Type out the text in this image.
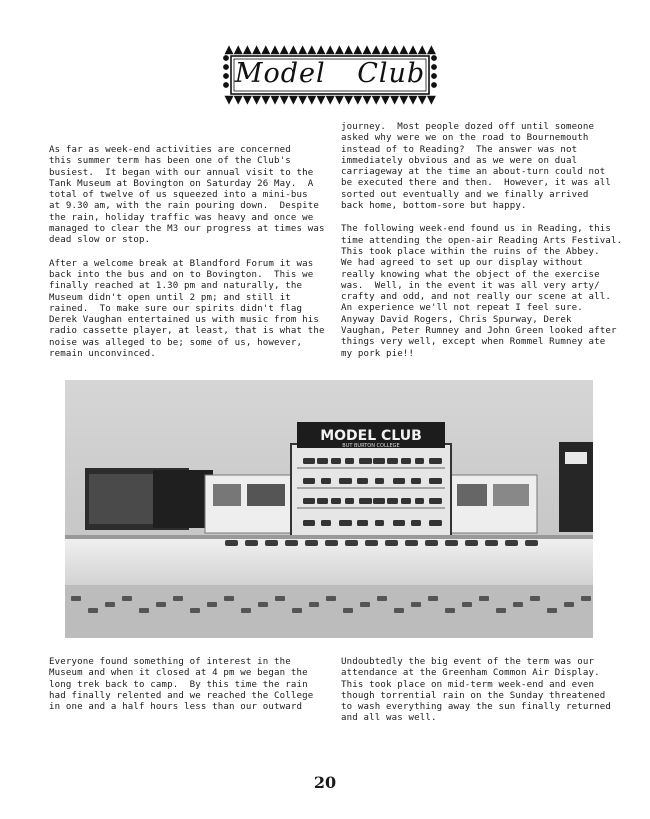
Model Club

As far as week-end activities are concerned
this summer term has been one of the Club's
busiest.  It began with our annual visit to the
Tank Museum at Bovington on Saturday 26 May.  A
total of twelve of us squeezed into a mini-bus
at 9.30 am, with the rain pouring down.  Despite
the rain, holiday traffic was heavy and once we
managed to clear the M3 our progress at times was
dead slow or stop.

After a welcome break at Blandford Forum it was
back into the bus and on to Bovington.  This we
finally reached at 1.30 pm and naturally, the
Museum didn't open until 2 pm; and still it
rained.  To make sure our spirits didn't flag
Derek Vaughan entertained us with music from his
radio cassette player, at least, that is what the
noise was alleged to be; some of us, however,
remain unconvinced.

journey.  Most people dozed off until someone
asked why were we on the road to Bournemouth
instead of to Reading?  The answer was not
immediately obvious and as we were on dual
carriageway at the time an about-turn could not
be executed there and then.  However, it was all
sorted out eventually and we finally arrived
back home, bottom-sore but happy.

The following week-end found us in Reading, this
time attending the open-air Reading Arts Festival.
This took place within the ruins of the Abbey.
We had agreed to set up our display without
really knowing what the object of the exercise
was.  Well, in the event it was all very arty/
crafty and odd, and not really our scene at all.
An experience we'll not repeat I feel sure.
Anyway David Rogers, Chris Spurway, Derek
Vaughan, Peter Rumney and John Green looked after
things very well, except when Rommel Rumney ate
my pork pie!!

MODEL CLUB
BUT BURTON COLLEGE

Everyone found something of interest in the
Museum and when it closed at 4 pm we began the
long trek back to camp.  By this time the rain
had finally relented and we reached the College
in one and a half hours less than our outward

Undoubtedly the big event of the term was our
attendance at the Greenham Common Air Display.
This took place on mid-term week-end and even
though torrential rain on the Sunday threatened
to wash everything away the sun finally returned
and all was well.

20
